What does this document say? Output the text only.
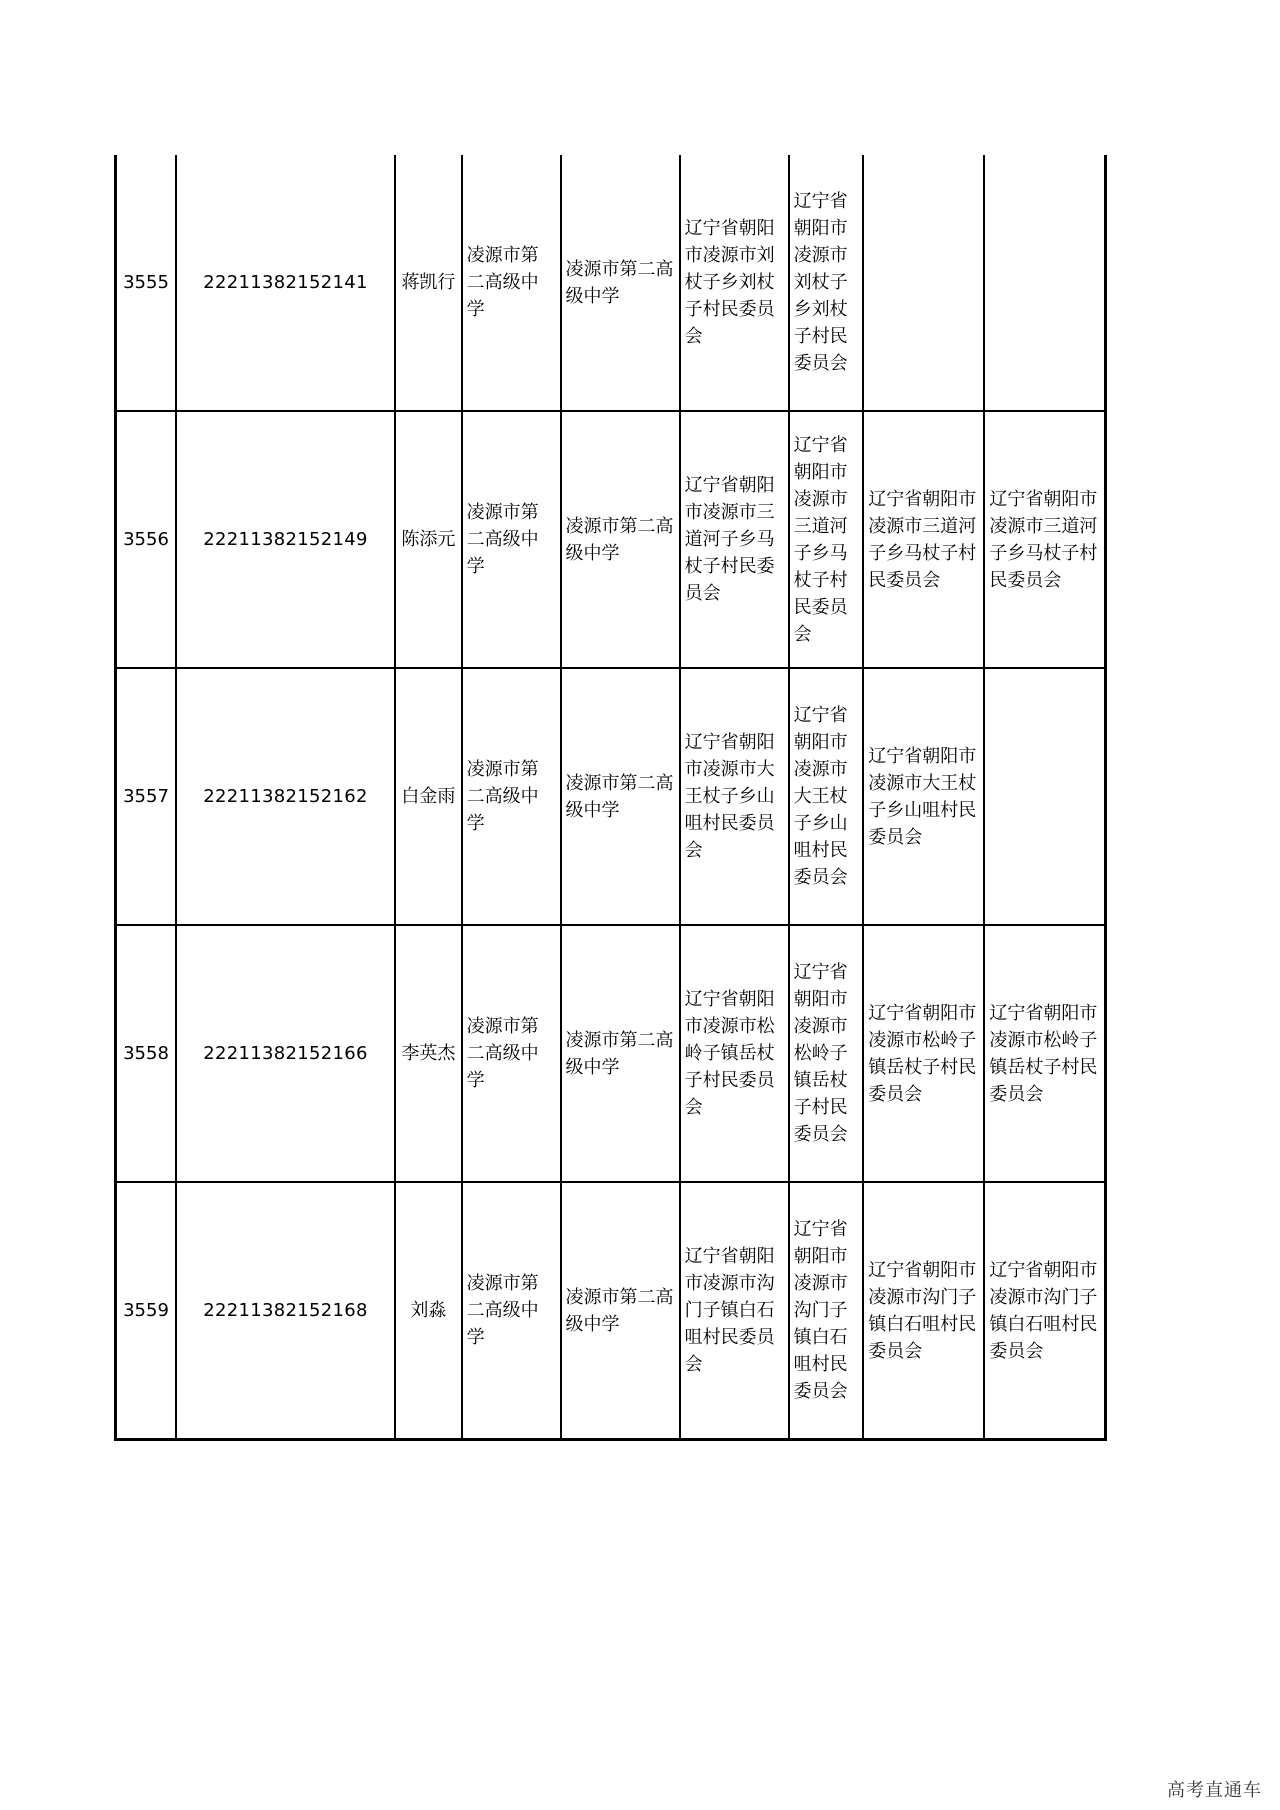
3555	22211382152141	蒋凯行	凌源市第二高级中学	凌源市第二高级中学	辽宁省朝阳市凌源市刘杖子乡刘杖子村民委员会	辽宁省朝阳市凌源市刘杖子乡刘杖子村民委员会		
3556	22211382152149	陈添元	凌源市第二高级中学	凌源市第二高级中学	辽宁省朝阳市凌源市三道河子乡马杖子村民委员会	辽宁省朝阳市凌源市三道河子乡马杖子村民委员会	辽宁省朝阳市凌源市三道河子乡马杖子村民委员会	辽宁省朝阳市凌源市三道河子乡马杖子村民委员会
3557	22211382152162	白金雨	凌源市第二高级中学	凌源市第二高级中学	辽宁省朝阳市凌源市大王杖子乡山咀村民委员会	辽宁省朝阳市凌源市大王杖子乡山咀村民委员会	辽宁省朝阳市凌源市大王杖子乡山咀村民委员会	
3558	22211382152166	李英杰	凌源市第二高级中学	凌源市第二高级中学	辽宁省朝阳市凌源市松岭子镇岳杖子村民委员会	辽宁省朝阳市凌源市松岭子镇岳杖子村民委员会	辽宁省朝阳市凌源市松岭子镇岳杖子村民委员会	辽宁省朝阳市凌源市松岭子镇岳杖子村民委员会
3559	22211382152168	刘淼	凌源市第二高级中学	凌源市第二高级中学	辽宁省朝阳市凌源市沟门子镇白石咀村民委员会	辽宁省朝阳市凌源市沟门子镇白石咀村民委员会	辽宁省朝阳市凌源市沟门子镇白石咀村民委员会	辽宁省朝阳市凌源市沟门子镇白石咀村民委员会
高考直通车
